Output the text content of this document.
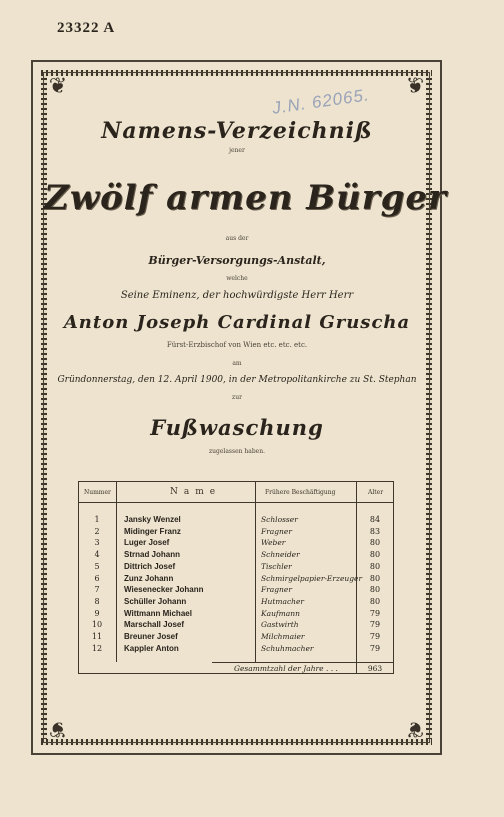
23322 A
❦	❦
❦	❦
J.N. 62065.
Namens-Verzeichniß
jener
Zwölf armen Bürger
aus der
Bürger-Versorgungs-Anstalt,
welche
Seine Eminenz, der hochwürdigste Herr Herr
Anton Joseph Cardinal Gruscha
Fürst-Erzbischof von Wien etc. etc. etc.
am
Gründonnerstag, den 12. April 1900, in der Metropolitankirche zu St. Stephan
zur
Fußwaschung
zugelassen haben.
Nummer	Name	Frühere Beschäftigung	Alter
1	Jansky Wenzel	Schlosser	84
2	Midinger Franz	Fragner	83
3	Luger Josef	Weber	80
4	Strnad Johann	Schneider	80
5	Dittrich Josef	Tischler	80
6	Zunz Johann	Schmirgelpapier-Erzeuger 80
7	Wiesenecker Johann	Fragner	80
8	Schüller Johann	Hutmacher	80
9	Wittmann Michael	Kaufmann	79
10	Marschall Josef	Gastwirth	79
11	Breuner Josef	Milchmaier	79
12	Kappler Anton	Schuhmacher	79
Gesammtzahl der Jahre . . .	963
